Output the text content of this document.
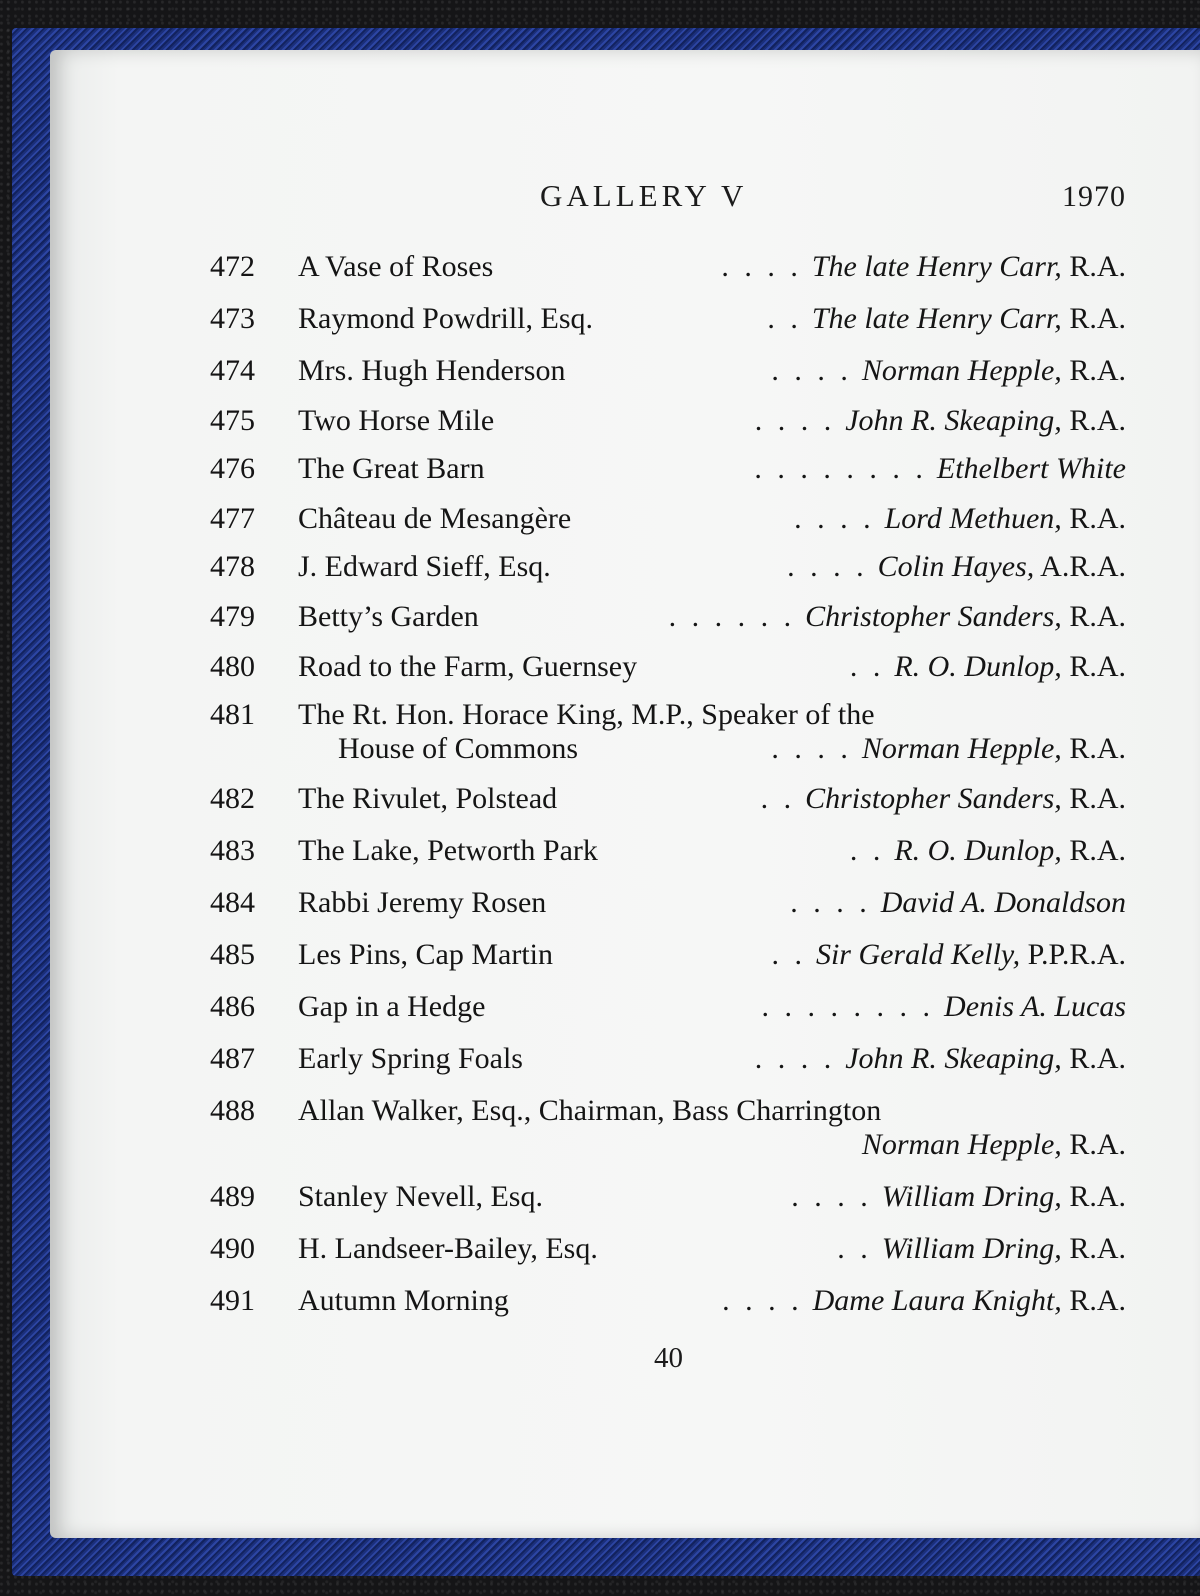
GALLERY V	1970
472	A Vase of Roses	. . . . The late Henry Carr, R.A.
473	Raymond Powdrill, Esq.	. . The late Henry Carr, R.A.
474	Mrs. Hugh Henderson	. . . . Norman Hepple, R.A.
475	Two Horse Mile	. . . . John R. Skeaping, R.A.
476	The Great Barn	. . . . . . . . Ethelbert White
477	Château de Mesangère	. . . . Lord Methuen, R.A.
478	J. Edward Sieff, Esq.	. . . . Colin Hayes, A.R.A.
479	Betty’s Garden	. . . . . . Christopher Sanders, R.A.
480	Road to the Farm, Guernsey	. . R. O. Dunlop, R.A.
481	The Rt. Hon. Horace King, M.P., Speaker of the
House of Commons	. . . . Norman Hepple, R.A.
482	The Rivulet, Polstead	. . Christopher Sanders, R.A.
483	The Lake, Petworth Park	. . R. O. Dunlop, R.A.
484	Rabbi Jeremy Rosen	. . . . David A. Donaldson
485	Les Pins, Cap Martin	. . Sir Gerald Kelly, P.P.R.A.
486	Gap in a Hedge	. . . . . . . . Denis A. Lucas
487	Early Spring Foals	. . . . John R. Skeaping, R.A.
488	Allan Walker, Esq., Chairman, Bass Charrington
Norman Hepple, R.A.
489	Stanley Nevell, Esq.	. . . . William Dring, R.A.
490	H. Landseer-Bailey, Esq.	. . William Dring, R.A.
491	Autumn Morning	. . . . Dame Laura Knight, R.A.
40
